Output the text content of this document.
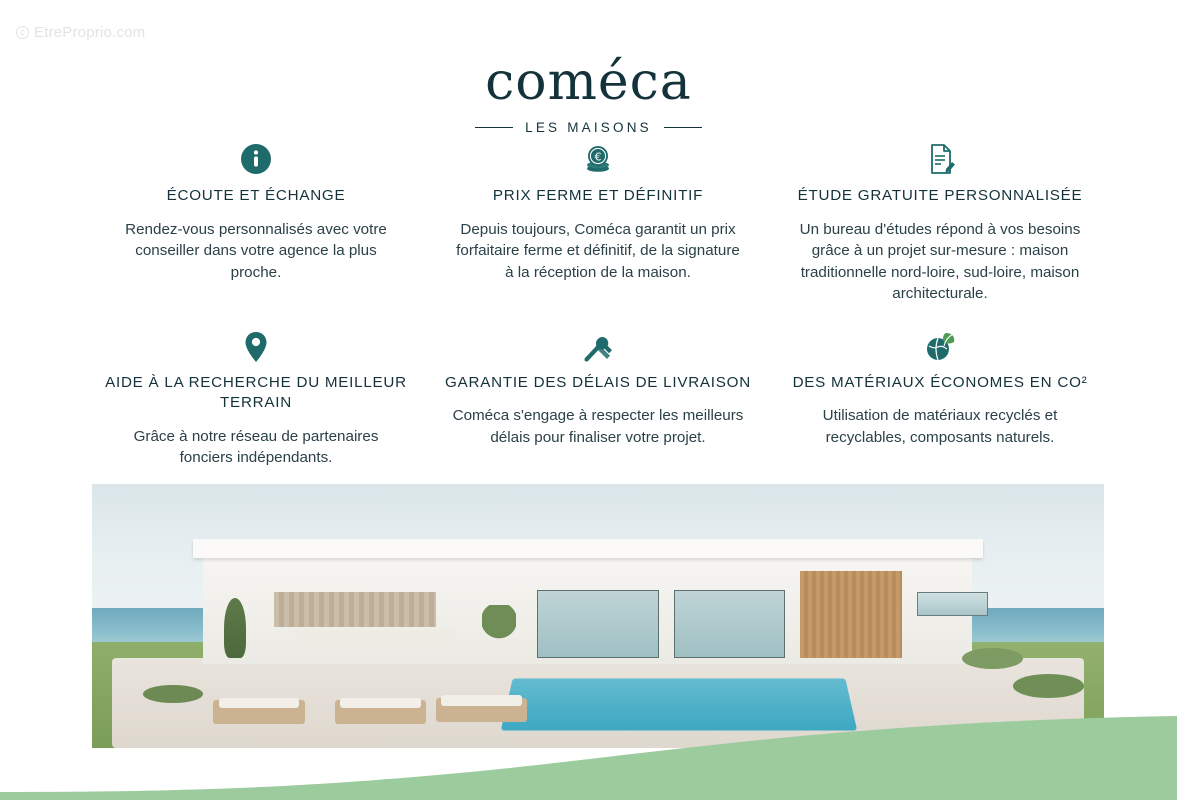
c EtreProprio.com
coméca
LES MAISONS
ÉCOUTE ET ÉCHANGE
Rendez-vous personnalisés avec votre conseiller dans votre agence la plus proche.
€
PRIX FERME ET DÉFINITIF
Depuis toujours, Coméca garantit un prix forfaitaire ferme et définitif, de la signature à la réception de la maison.
ÉTUDE GRATUITE PERSONNALISÉE
Un bureau d'études répond à vos besoins grâce à un projet sur-mesure : maison traditionnelle nord-loire, sud-loire, maison architecturale.
AIDE À LA RECHERCHE DU MEILLEUR TERRAIN
Grâce à notre réseau de partenaires fonciers indépendants.
GARANTIE DES DÉLAIS DE LIVRAISON
Coméca s'engage à respecter les meilleurs délais pour finaliser votre projet.
DES MATÉRIAUX ÉCONOMES EN CO²
Utilisation de matériaux recyclés et recyclables, composants naturels.
